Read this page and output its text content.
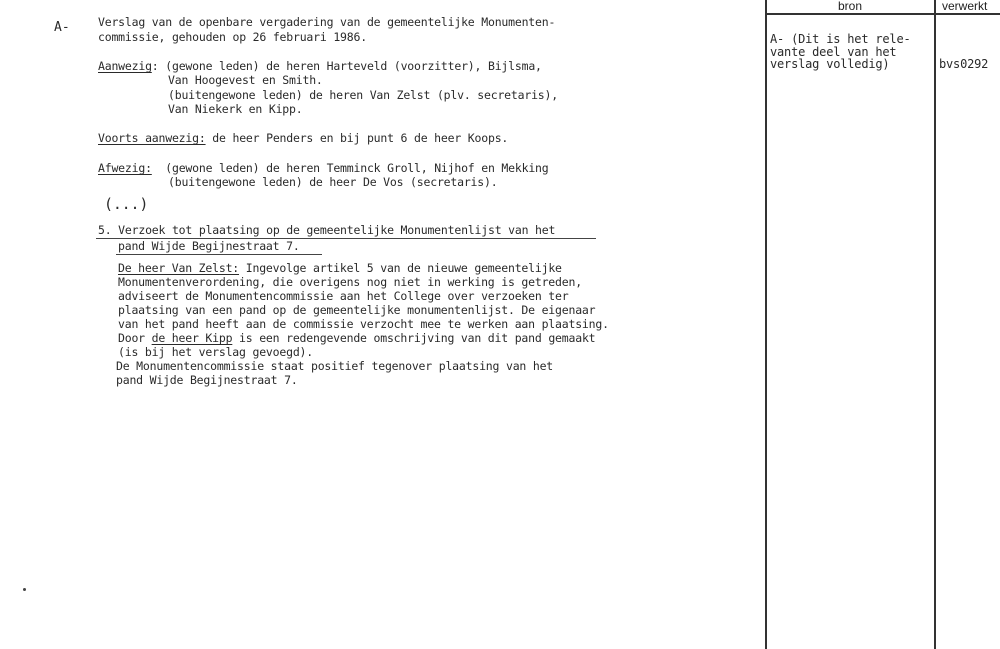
A- Verslag van de openbare vergadering van de gemeentelijke Monumenten-
commissie, gehouden op 26 februari 1986.
Aanwezig: (gewone leden) de heren Harteveld (voorzitter), Bijlsma,
Van Hoogevest en Smith.
(buitengewone leden) de heren Van Zelst (plv. secretaris),
Van Niekerk en Kipp.
Voorts aanwezig: de heer Penders en bij punt 6 de heer Koops.
Afwezig:  (gewone leden) de heren Temminck Groll, Nijhof en Mekking
(buitengewone leden) de heer De Vos (secretaris).
(...)
5. Verzoek tot plaatsing op de gemeentelijke Monumentenlijst van het
pand Wijde Begijnestraat 7.
De heer Van Zelst: Ingevolge artikel 5 van de nieuwe gemeentelijke
Monumentenverordening, die overigens nog niet in werking is getreden,
adviseert de Monumentencommissie aan het College over verzoeken ter
plaatsing van een pand op de gemeentelijke monumentenlijst. De eigenaar
van het pand heeft aan de commissie verzocht mee te werken aan plaatsing.
Door de heer Kipp is een redengevende omschrijving van dit pand gemaakt
(is bij het verslag gevoegd).
De Monumentencommissie staat positief tegenover plaatsing van het
pand Wijde Begijnestraat 7.
bron	verwerkt
A- (Dit is het rele-
vante deel van het
verslag volledig)	bvs0292
